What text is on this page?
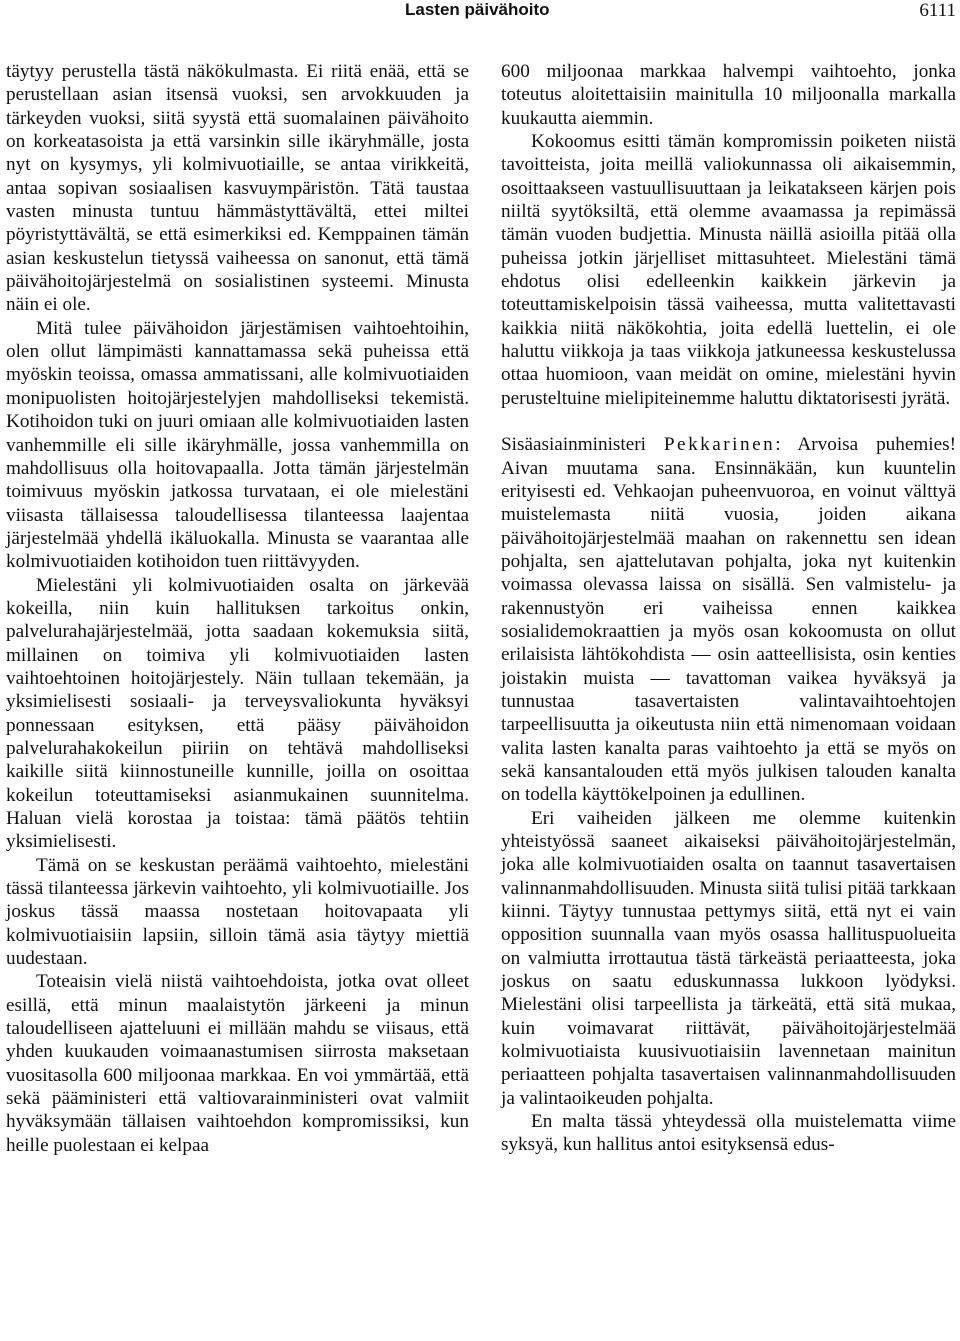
Lasten päivähoito	6111

täytyy perustella tästä näkökulmasta. Ei riitä enää, että se perustellaan asian itsensä vuoksi, sen arvokkuuden ja tärkeyden vuoksi, siitä syystä että suomalainen päivähoito on korkeatasoista ja että varsinkin sille ikäryhmälle, josta nyt on kysymys, yli kolmivuotiaille, se antaa virikkeitä, antaa sopivan sosiaalisen kasvuympäristön. Tätä taustaa vasten minusta tuntuu hämmästyttävältä, ettei miltei pöyristyttävältä, se että esimerkiksi ed. Kemppainen tämän asian keskustelun tietyssä vaiheessa on sanonut, että tämä päivähoitojärjestelmä on sosialistinen systeemi. Minusta näin ei ole.

Mitä tulee päivähoidon järjestämisen vaihtoehtoihin, olen ollut lämpimästi kannattamassa sekä puheissa että myöskin teoissa, omassa ammatissani, alle kolmivuotiaiden monipuolisten hoitojärjestelyjen mahdolliseksi tekemistä. Kotihoidon tuki on juuri omiaan alle kolmivuotiaiden lasten vanhemmille eli sille ikäryhmälle, jossa vanhemmilla on mahdollisuus olla hoitovapaalla. Jotta tämän järjestelmän toimivuus myöskin jatkossa turvataan, ei ole mielestäni viisasta tällaisessa taloudellisessa tilanteessa laajentaa järjestelmää yhdellä ikäluokalla. Minusta se vaarantaa alle kolmivuotiaiden kotihoidon tuen riittävyyden.

Mielestäni yli kolmivuotiaiden osalta on järkevää kokeilla, niin kuin hallituksen tarkoitus onkin, palvelurahajärjestelmää, jotta saadaan kokemuksia siitä, millainen on toimiva yli kolmivuotiaiden lasten vaihtoehtoinen hoitojärjestely. Näin tullaan tekemään, ja yksimielisesti sosiaali- ja terveysvaliokunta hyväksyi ponnessaan esityksen, että pääsy päivähoidon palvelurahakokeilun piiriin on tehtävä mahdolliseksi kaikille siitä kiinnostuneille kunnille, joilla on osoittaa kokeilun toteuttamiseksi asianmukainen suunnitelma. Haluan vielä korostaa ja toistaa: tämä päätös tehtiin yksimielisesti.

Tämä on se keskustan peräämä vaihtoehto, mielestäni tässä tilanteessa järkevin vaihtoehto, yli kolmivuotiaille. Jos joskus tässä maassa nostetaan hoitovapaata yli kolmivuotiaisiin lapsiin, silloin tämä asia täytyy miettiä uudestaan.

Toteaisin vielä niistä vaihtoehdoista, jotka ovat olleet esillä, että minun maalaistytön järkeeni ja minun taloudelliseen ajatteluuni ei millään mahdu se viisaus, että yhden kuukauden voimaanastumisen siirrosta maksetaan vuositasolla 600 miljoonaa markkaa. En voi ymmärtää, että sekä pääministeri että valtiovarainministeri ovat valmiit hyväksymään tällaisen vaihtoehdon kompromissiksi, kun heille puolestaan ei kelpaa

600 miljoonaa markkaa halvempi vaihtoehto, jonka toteutus aloitettaisiin mainitulla 10 miljoonalla markalla kuukautta aiemmin.

Kokoomus esitti tämän kompromissin poiketen niistä tavoitteista, joita meillä valiokunnassa oli aikaisemmin, osoittaakseen vastuullisuuttaan ja leikatakseen kärjen pois niiltä syytöksiltä, että olemme avaamassa ja repimässä tämän vuoden budjettia. Minusta näillä asioilla pitää olla puheissa jotkin järjelliset mittasuhteet. Mielestäni tämä ehdotus olisi edelleenkin kaikkein järkevin ja toteuttamiskelpoisin tässä vaiheessa, mutta valitettavasti kaikkia niitä näkökohtia, joita edellä luettelin, ei ole haluttu viikkoja ja taas viikkoja jatkuneessa keskustelussa ottaa huomioon, vaan meidät on omine, mielestäni hyvin perusteltuine mielipiteinemme haluttu diktatorisesti jyrätä.

Sisäasiainministeri Pekkarinen: Arvoisa puhemies! Aivan muutama sana. Ensinnäkään, kun kuuntelin erityisesti ed. Vehkaojan puheenvuoroa, en voinut välttyä muistelemasta niitä vuosia, joiden aikana päivähoitojärjestelmää maahan on rakennettu sen idean pohjalta, sen ajattelutavan pohjalta, joka nyt kuitenkin voimassa olevassa laissa on sisällä. Sen valmistelu- ja rakennustyön eri vaiheissa ennen kaikkea sosialidemokraattien ja myös osan kokoomusta on ollut erilaisista lähtökohdista — osin aatteellisista, osin kenties joistakin muista — tavattoman vaikea hyväksyä ja tunnustaa tasavertaisten valintavaihtoehtojen tarpeellisuutta ja oikeutusta niin että nimenomaan voidaan valita lasten kanalta paras vaihtoehto ja että se myös on sekä kansantalouden että myös julkisen talouden kanalta on todella käyttökelpoinen ja edullinen.

Eri vaiheiden jälkeen me olemme kuitenkin yhteistyössä saaneet aikaiseksi päivähoitojärjestelmän, joka alle kolmivuotiaiden osalta on taannut tasavertaisen valinnanmahdollisuuden. Minusta siitä tulisi pitää tarkkaan kiinni. Täytyy tunnustaa pettymys siitä, että nyt ei vain opposition suunnalla vaan myös osassa hallituspuolueita on valmiutta irrottautua tästä tärkeästä periaatteesta, joka joskus on saatu eduskunnassa lukkoon lyödyksi. Mielestäni olisi tarpeellista ja tärkeätä, että sitä mukaa, kuin voimavarat riittävät, päivähoitojärjestelmää kolmivuotiaista kuusivuotiaisiin lavennetaan mainitun periaatteen pohjalta tasavertaisen valinnanmahdollisuuden ja valintaoikeuden pohjalta.

En malta tässä yhteydessä olla muistelematta viime syksyä, kun hallitus antoi esityksensä edus-
